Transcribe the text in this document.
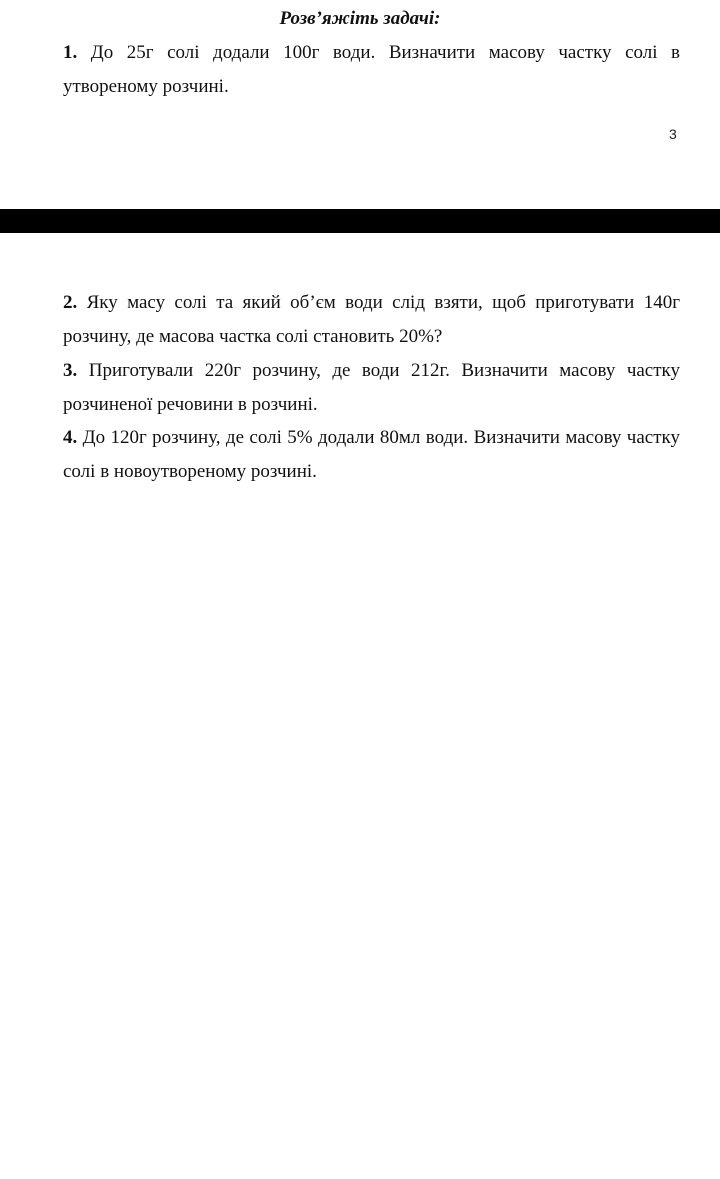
Розв’яжіть задачі:

1. До 25г солі додали 100г води. Визначити масову частку солі в утвореному розчині.

3

2. Яку масу солі та який об’єм води слід взяти, щоб приготувати 140г розчину, де масова частка солі становить 20%?

3. Приготували 220г розчину, де води 212г. Визначити масову частку розчиненої речовини в розчині.

4. До 120г розчину, де солі 5% додали 80мл води. Визначити масову частку солі в новоутвореному розчині.
